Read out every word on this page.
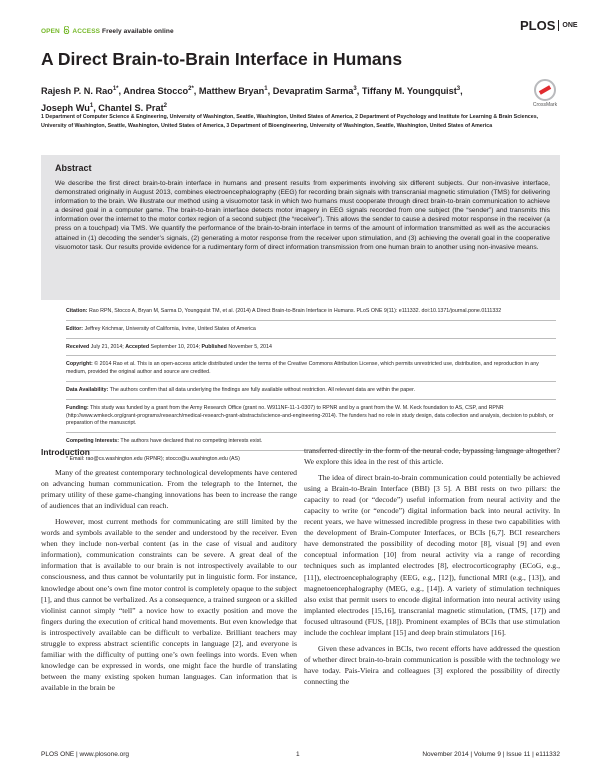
OPEN ACCESS Freely available online	PLOS ONE
A Direct Brain-to-Brain Interface in Humans
Rajesh P. N. Rao$^{1*}$, Andrea Stocco$^{2*}$, Matthew Bryan$^1$, Devapratim Sarma$^3$, Tiffany M. Youngquist$^3$,
Joseph Wu$^1$, Chantel S. Prat$^2$	CrossMark
1 Department of Computer Science & Engineering, University of Washington, Seattle, Washington, United States of America, 2 Department of Psychology and Institute for Learning & Brain Sciences, University of Washington, Seattle, Washington, United States of America, 3 Department of Bioengineering, University of Washington, Seattle, Washington, United States of America
Abstract

We describe the first direct brain-to-brain interface in humans and present results from experiments involving six different subjects. Our non-invasive interface, demonstrated originally in August 2013, combines electroencephalography (EEG) for recording brain signals with transcranial magnetic stimulation (TMS) for delivering information to the brain. We illustrate our method using a visuomotor task in which two humans must cooperate through direct brain-to-brain communication to achieve a desired goal in a computer game. The brain-to-brain interface detects motor imagery in EEG signals recorded from one subject (the “sender”) and transmits this information over the internet to the motor cortex region of a second subject (the “receiver”). This allows the sender to cause a desired motor response in the receiver (a press on a touchpad) via TMS. We quantify the performance of the brain-to-brain interface in terms of the amount of information transmitted as well as the accuracies attained in (1) decoding the sender’s signals, (2) generating a motor response from the receiver upon stimulation, and (3) achieving the overall goal in the cooperative visuomotor task. Our results provide evidence for a rudimentary form of direct information transmission from one human brain to another using non-invasive means.

Citation: Rao RPN, Stocco A, Bryan M, Sarma D, Youngquist TM, et al. (2014) A Direct Brain-to-Brain Interface in Humans. PLoS ONE 9(11): e111332. doi:10.1371/journal.pone.0111332
Editor: Jeffrey Krichmar, University of California, Irvine, United States of America
Received July 21, 2014; Accepted September 10, 2014; Published November 5, 2014
Copyright: © 2014 Rao et al. This is an open-access article distributed under the terms of the Creative Commons Attribution License, which permits unrestricted use, distribution, and reproduction in any medium, provided the original author and source are credited.
Data Availability: The authors confirm that all data underlying the findings are fully available without restriction. All relevant data are within the paper.
Funding: This study was funded by a grant from the Army Research Office (grant no. W911NF-11-1-0307) to RPNR and by a grant from the W. M. Keck foundation to AS, CSP, and RPNR (http://www.wmkeck.org/grant-programs/research/medical-research-grant-abstracts/science-and-engineering-2014). The funders had no role in study design, data collection and analysis, decision to publish, or preparation of the manuscript.
Competing Interests: The authors have declared that no competing interests exist.
* Email: rao@cs.washington.edu (RPNR); stocco@u.washington.edu (AS)
Introduction

Many of the greatest contemporary technological developments have centered on advancing human communication. From the telegraph to the Internet, the primary utility of these game-changing innovations has been to increase the range of audiences that an individual can reach.

However, most current methods for communicating are still limited by the words and symbols available to the sender and understood by the receiver. Even when they include non-verbal content (as in the case of visual and auditory information), communication constraints can be severe. A great deal of the information that is available to our brain is not introspectively available to our consciousness, and thus cannot be voluntarily put in linguistic form. For instance, knowledge about one’s own fine motor control is completely opaque to the subject [1], and thus cannot be verbalized. As a consequence, a trained surgeon or a skilled violinist cannot simply “tell” a novice how to exactly position and move the fingers during the execution of critical hand movements. But even knowledge that is introspectively available can be difficult to verbalize. Brilliant teachers may struggle to express abstract scientific concepts in language [2], and everyone is familiar with the difficulty of putting one’s own feelings into words. Even when knowledge can be expressed in words, one might face the hurdle of translating between the many existing spoken human languages. Can information that is available in the brain be

transferred directly in the form of the neural code, bypassing language altogether? We explore this idea in the rest of this article.

The idea of direct brain-to-brain communication could potentially be achieved using a Brain-to-Brain Interface (BBI) [3 5]. A BBI rests on two pillars: the capacity to read (or “decode”) useful information from neural activity and the capacity to write (or “encode”) digital information back into neural activity. In recent years, we have witnessed incredible progress in these two capabilities with the development of Brain-Computer Interfaces, or BCIs [6,7]. BCI researchers have demonstrated the possibility of decoding motor [8], visual [9] and even conceptual information [10] from neural activity via a range of recording techniques such as implanted electrodes [8], electrocorticography (ECoG, e.g., [11]), electroencephalography (EEG, e.g., [12]), functional MRI (e.g., [13]), and magnetoencephalography (MEG, e.g., [14]). A variety of stimulation techniques also exist that permit users to encode digital information into neural activity using implanted electrodes [15,16], transcranial magnetic stimulation, (TMS, [17]) and focused ultrasound (FUS, [18]). Prominent examples of BCIs that use stimulation include the cochlear implant [15] and deep brain stimulators [16].

Given these advances in BCIs, two recent efforts have addressed the question of whether direct brain-to-brain communication is possible with the technology we have today. Pais-Vieira and colleagues [3] explored the possibility of directly connecting the

PLOS ONE | www.plosone.org	1	November 2014 | Volume 9 | Issue 11 | e111332
